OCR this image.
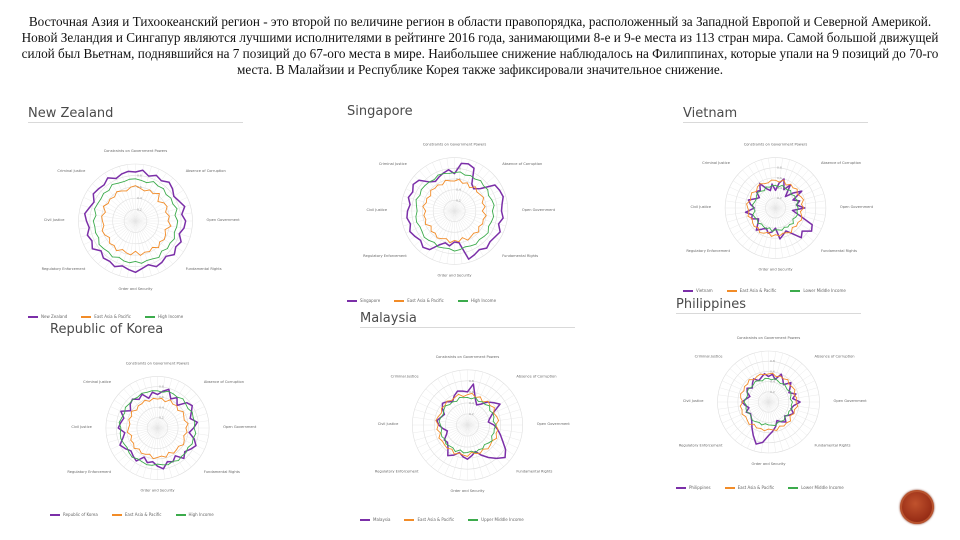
Восточная Азия и Тихоокеанский регион - это второй по величине регион в области правопорядка, расположенный за Западной Европой и Северной Америкой. Новой Зеландия и Сингапур являются лучшими исполнителями в рейтинге 2016 года, занимающими 8-е и 9-е места из 113 стран мира. Самой большой движущей силой был Вьетнам, поднявшийся на 7 позиций до 67-ого места в мире. Наибольшее снижение наблюдалось на Филиппинах, которые упали на 9 позиций до 70-го места. В Малайзии и Республике Корея также зафиксировали значительное снижение.
New Zealand
0.2
0.4
0.6
0.8
Constraints on Government Powers
Absence of Corruption
Open Government
Fundamental Rights
Order and Security
Regulatory Enforcement
Civil Justice
Criminal Justice
New Zealand	East Asia & Pacific	High Income
Singapore
0.2
0.4
0.6
0.8
Constraints on Government Powers
Absence of Corruption
Open Government
Fundamental Rights
Order and Security
Regulatory Enforcement
Civil Justice
Criminal Justice
Singapore	East Asia & Pacific	High Income
Vietnam
0.2
0.4
0.6
0.8
Constraints on Government Powers
Absence of Corruption
Open Government
Fundamental Rights
Order and Security
Regulatory Enforcement
Civil Justice
Criminal Justice
Vietnam	East Asia & Pacific	Lower Middle Income
Republic of Korea
0.2
0.4
0.6
0.8
Constraints on Government Powers
Absence of Corruption
Open Government
Fundamental Rights
Order and Security
Regulatory Enforcement
Civil Justice
Criminal Justice
Republic of Korea	East Asia & Pacific	High Income
Malaysia
0.2
0.4
0.6
0.8
Constraints on Government Powers
Absence of Corruption
Open Government
Fundamental Rights
Order and Security
Regulatory Enforcement
Civil Justice
Criminal Justice
Malaysia	East Asia & Pacific	Upper Middle Income
Philippines
0.2
0.4
0.6
0.8
Constraints on Government Powers
Absence of Corruption
Open Government
Fundamental Rights
Order and Security
Regulatory Enforcement
Civil Justice
Criminal Justice
Philippines	East Asia & Pacific	Lower Middle Income
